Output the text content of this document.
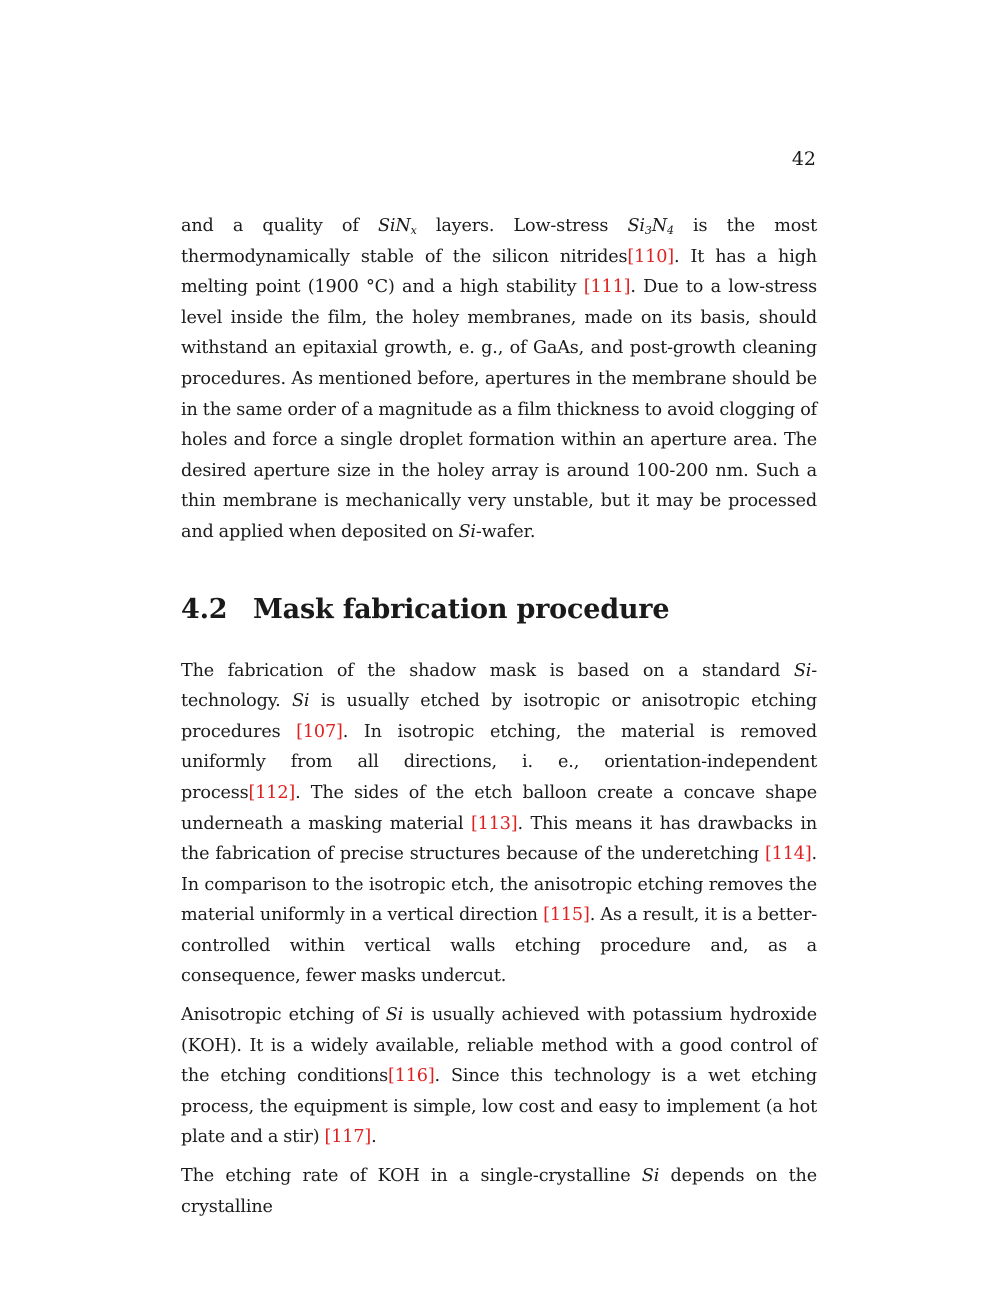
42

and a quality of SiN$_x$ layers. Low-stress $Si_3N_4$ is the most thermodynamically stable of the silicon nitrides[110]. It has a high melting point (1900 °C) and a high stability [111]. Due to a low-stress level inside the film, the holey membranes, made on its basis, should withstand an epitaxial growth, e. g., of GaAs, and post-growth cleaning procedures. As mentioned before, apertures in the membrane should be in the same order of a magnitude as a film thickness to avoid clogging of holes and force a single droplet formation within an aperture area. The desired aperture size in the holey array is around 100-200 nm. Such a thin membrane is mechanically very unstable, but it may be processed and applied when deposited on Si-wafer.

4.2 Mask fabrication procedure

The fabrication of the shadow mask is based on a standard Si-technology. Si is usually etched by isotropic or anisotropic etching procedures [107]. In isotropic etching, the material is removed uniformly from all directions, i. e., orientation-independent process[112]. The sides of the etch balloon create a concave shape underneath a masking material [113]. This means it has drawbacks in the fabrication of precise structures because of the underetching [114]. In comparison to the isotropic etch, the anisotropic etching removes the material uniformly in a vertical direction [115]. As a result, it is a better-controlled within vertical walls etching procedure and, as a consequence, fewer masks undercut.

Anisotropic etching of Si is usually achieved with potassium hydroxide (KOH). It is a widely available, reliable method with a good control of the etching conditions[116]. Since this technology is a wet etching process, the equipment is simple, low cost and easy to implement (a hot plate and a stir) [117].

The etching rate of KOH in a single-crystalline Si depends on the crystalline
